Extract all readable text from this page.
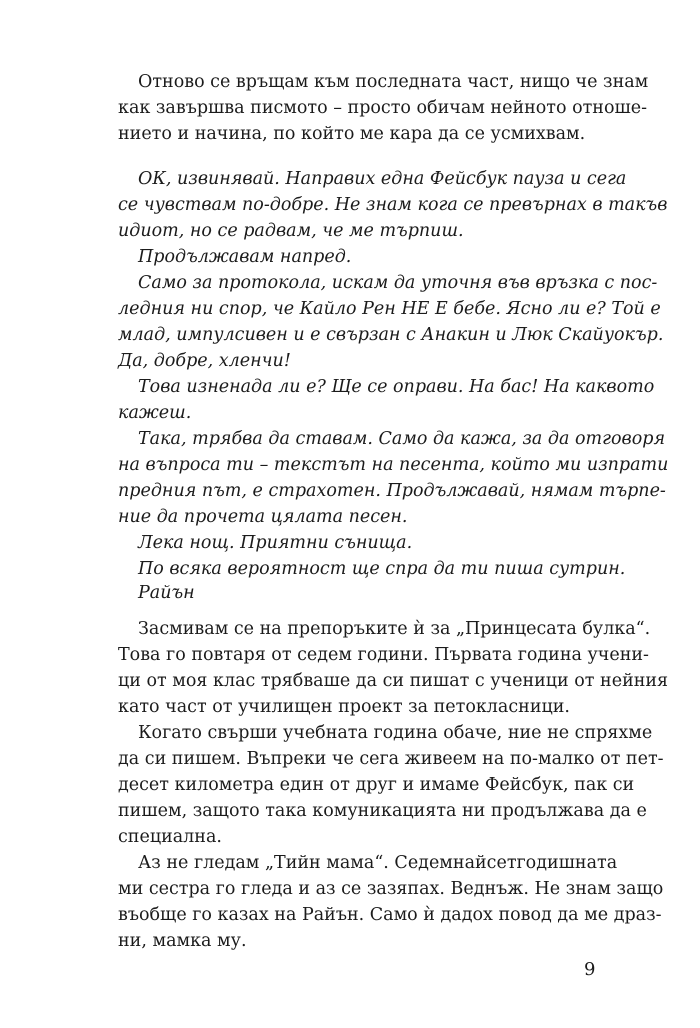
Отново се връщам към последната част, нищо че знам
как завършва писмото – просто обичам нейното отноше-
нието и начина, по който ме кара да се усмихвам.
ОК, извинявай. Направих една Фейсбук пауза и сега
се чувствам по-добре. Не знам кога се превърнах в такъв
идиот, но се радвам, че ме търпиш.
Продължавам напред.
Само за протокола, искам да уточня във връзка с пос-
ледния ни спор, че Кайло Рен НЕ Е бебе. Ясно ли е? Той е
млад, импулсивен и е свързан с Анакин и Люк Скайуокър.
Да, добре, хленчи!
Това изненада ли е? Ще се оправи. На бас! На каквото
кажеш.
Така, трябва да ставам. Само да кажа, за да отговоря
на въпроса ти – текстът на песента, който ми изпрати
предния път, е страхотен. Продължавай, нямам търпе-
ние да прочета цялата песен.
Лека нощ. Приятни сънища.
По всяка вероятност ще спра да ти пиша сутрин.
Райън
Засмивам се на препоръките ѝ за „Принцесата булка“.
Това го повтаря от седем години. Първата година учени-
ци от моя клас трябваше да си пишат с ученици от нейния
като част от училищен проект за петокласници.
Когато свърши учебната година обаче, ние не спряхме
да си пишем. Въпреки че сега живеем на по-малко от пет-
десет километра един от друг и имаме Фейсбук, пак си
пишем, защото така комуникацията ни продължава да е
специална.
Аз не гледам „Тийн мама“. Седемнайсетгодишната
ми сестра го гледа и аз се зазяпах. Веднъж. Не знам защо
въобще го казах на Райън. Само ѝ дадох повод да ме драз-
ни, мамка му.
9
